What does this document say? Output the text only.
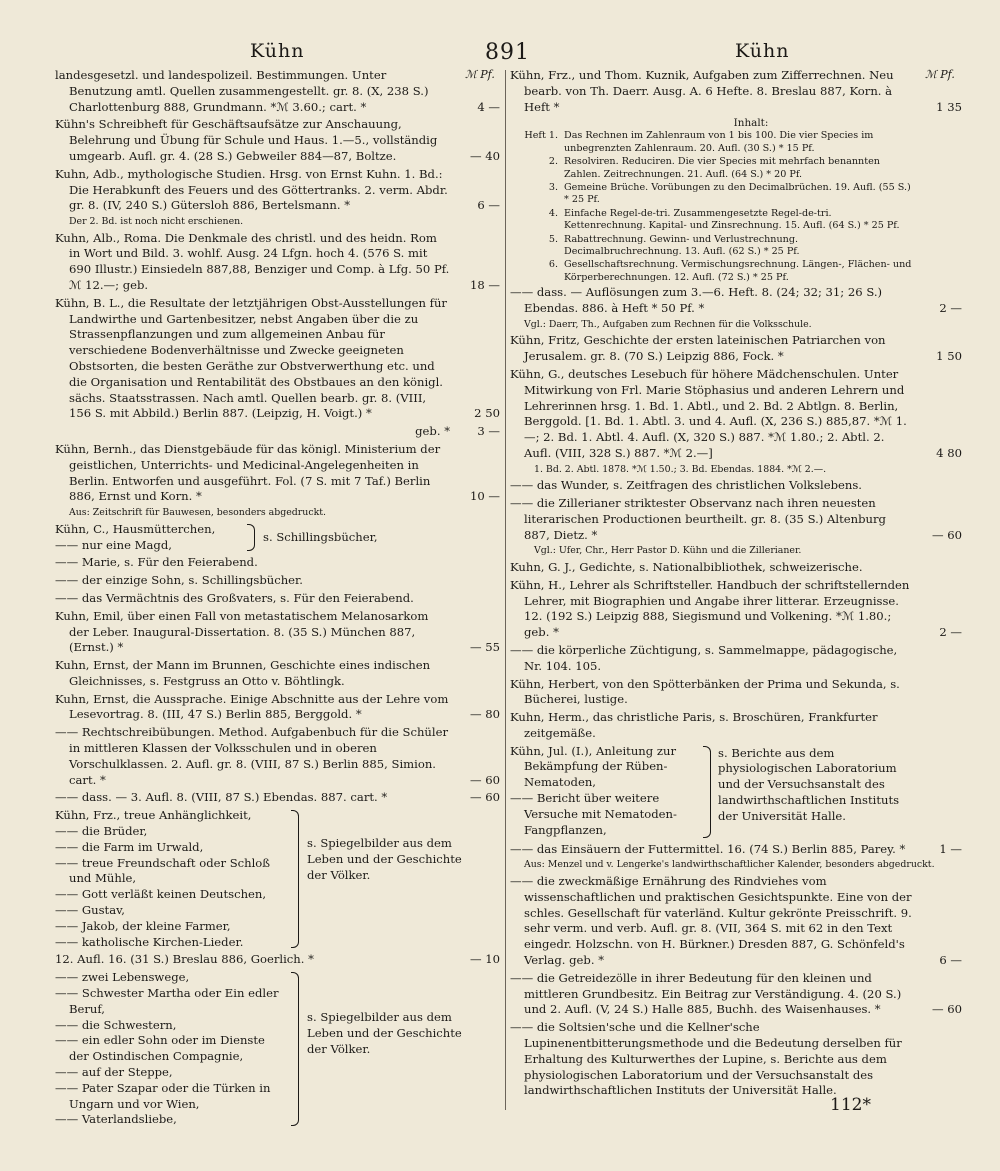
Kühn	891	Kühn
ℳ Pf.	ℳ Pf.
landesgesetzl. und landespolizeil. Bestimmungen. Unter Benutzung amtl. Quellen zusammengestellt. gr. 8. (X, 238 S.) Charlottenburg 888, Grundmann. *ℳ 3.60.; cart. *	4 —
Kühn's Schreibheft für Geschäftsaufsätze zur Anschauung, Belehrung und Übung für Schule und Haus. 1.—5., vollständig umgearb. Aufl. gr. 4. (28 S.) Gebweiler 884—87, Boltze.	— 40
Kuhn, Adb., mythologische Studien. Hrsg. von Ernst Kuhn. 1. Bd.: Die Herabkunft des Feuers und des Göttertranks. 2. verm. Abdr. gr. 8. (IV, 240 S.) Gütersloh 886, Bertelsmann. *	6 —
Der 2. Bd. ist noch nicht erschienen.
Kuhn, Alb., Roma. Die Denkmale des christl. und des heidn. Rom in Wort und Bild. 3. wohlf. Ausg. 24 Lfgn. hoch 4. (576 S. mit 690 Illustr.) Einsiedeln 887,88, Benziger und Comp. à Lfg. 50 Pf. ℳ 12.—; geb.	18 —
Kühn, B. L., die Resultate der letztjährigen Obst-Ausstellungen für Landwirthe und Gartenbesitzer, nebst Angaben über die zu Strassenpflanzungen und zum allgemeinen Anbau für verschiedene Bodenverhältnisse und Zwecke geeigneten Obstsorten, die besten Geräthe zur Obstverwerthung etc. und die Organisation und Rentabilität des Obstbaues an den königl. sächs. Staatsstrassen. Nach amtl. Quellen bearb. gr. 8. (VIII, 156 S. mit Abbild.) Berlin 887. (Leipzig, H. Voigt.) *	2 50
geb. *	3 —
Kühn, Bernh., das Dienstgebäude für das königl. Ministerium der geistlichen, Unterrichts- und Medicinal-Angelegenheiten in Berlin. Entworfen und ausgeführt. Fol. (7 S. mit 7 Taf.) Berlin 886, Ernst und Korn. *	10 —
Aus: Zeitschrift für Bauwesen, besonders abgedruckt.
Kühn, C., Hausmütterchen,
—— nur eine Magd,
s. Schillingsbücher,
—— Marie, s. Für den Feierabend.
—— der einzige Sohn, s. Schillingsbücher.
—— das Vermächtnis des Großvaters, s. Für den Feierabend.
Kuhn, Emil, über einen Fall von metastatischem Melanosarkom der Leber. Inaugural-Dissertation. 8. (35 S.) München 887, (Ernst.) *	— 55
Kuhn, Ernst, der Mann im Brunnen, Geschichte eines indischen Gleichnisses, s. Festgruss an Otto v. Böhtlingk.
Kuhn, Ernst, die Aussprache. Einige Abschnitte aus der Lehre vom Lesevortrag. 8. (III, 47 S.) Berlin 885, Berggold. *	— 80
—— Rechtschreibübungen. Method. Aufgabenbuch für die Schüler in mittleren Klassen der Volksschulen und in oberen Vorschulklassen. 2. Aufl. gr. 8. (VIII, 87 S.) Berlin 885, Simion. cart. *	— 60
—— dass. — 3. Aufl. 8. (VIII, 87 S.) Ebendas. 887. cart. *	— 60
Kühn, Frz., treue Anhänglichkeit,
—— die Brüder,
—— die Farm im Urwald,
—— treue Freundschaft oder Schloß und Mühle,
—— Gott verläßt keinen Deutschen,
—— Gustav,
—— Jakob, der kleine Farmer,
—— katholische Kirchen-Lieder.
s. Spiegelbilder aus dem Leben und der Geschichte der Völker.
12. Aufl. 16. (31 S.) Breslau 886, Goerlich. *	— 10
—— zwei Lebenswege,
—— Schwester Martha oder Ein edler Beruf,
—— die Schwestern,
—— ein edler Sohn oder im Dienste der Ostindischen Compagnie,
—— auf der Steppe,
—— Pater Szapar oder die Türken in Ungarn und vor Wien,
—— Vaterlandsliebe,
s. Spiegelbilder aus dem Leben und der Geschichte der Völker.
Kühn, Frz., und Thom. Kuznik, Aufgaben zum Zifferrechnen. Neu bearb. von Th. Daerr. Ausg. A. 6 Hefte. 8. Breslau 887, Korn. à Heft *	1 35
Inhalt:
Heft 1. Das Rechnen im Zahlenraum von 1 bis 100. Die vier Species im unbegrenzten Zahlenraum. 20. Aufl. (30 S.) * 15 Pf.
2. Resolviren. Reduciren. Die vier Species mit mehrfach benannten Zahlen. Zeitrechnungen. 21. Aufl. (64 S.) * 20 Pf.
3. Gemeine Brüche. Vorübungen zu den Decimalbrüchen. 19. Aufl. (55 S.) * 25 Pf.
4. Einfache Regel-de-tri. Zusammengesetzte Regel-de-tri. Kettenrechnung. Kapital- und Zinsrechnung. 15. Aufl. (64 S.) * 25 Pf.
5. Rabattrechnung. Gewinn- und Verlustrechnung. Decimalbruchrechnung. 13. Aufl. (62 S.) * 25 Pf.
6. Gesellschaftsrechnung. Vermischungsrechnung. Längen-, Flächen- und Körperberechnungen. 12. Aufl. (72 S.) * 25 Pf.
—— dass. — Auflösungen zum 3.—6. Heft. 8. (24; 32; 31; 26 S.) Ebendas. 886. à Heft * 50 Pf. *	2 —
Vgl.: Daerr, Th., Aufgaben zum Rechnen für die Volksschule.
Kühn, Fritz, Geschichte der ersten lateinischen Patriarchen von Jerusalem. gr. 8. (70 S.) Leipzig 886, Fock. *	1 50
Kühn, G., deutsches Lesebuch für höhere Mädchenschulen. Unter Mitwirkung von Frl. Marie Stöphasius und anderen Lehrern und Lehrerinnen hrsg. 1. Bd. 1. Abtl., und 2. Bd. 2 Abtlgn. 8. Berlin, Berggold. [1. Bd. 1. Abtl. 3. und 4. Aufl. (X, 236 S.) 885,87. *ℳ 1.—; 2. Bd. 1. Abtl. 4. Aufl. (X, 320 S.) 887. *ℳ 1.80.; 2. Abtl. 2. Aufl. (VIII, 328 S.) 887. *ℳ 2.—]	4 80
1. Bd. 2. Abtl. 1878. *ℳ 1.50.; 3. Bd. Ebendas. 1884. *ℳ 2.—.
—— das Wunder, s. Zeitfragen des christlichen Volkslebens.
—— die Zillerianer striktester Observanz nach ihren neuesten literarischen Productionen beurtheilt. gr. 8. (35 S.) Altenburg 887, Dietz. *	— 60
Vgl.: Ufer, Chr., Herr Pastor D. Kühn und die Zillerianer.
Kuhn, G. J., Gedichte, s. Nationalbibliothek, schweizerische.
Kühn, H., Lehrer als Schriftsteller. Handbuch der schriftstellernden Lehrer, mit Biographien und Angabe ihrer litterar. Erzeugnisse. 12. (192 S.) Leipzig 888, Siegismund und Volkening. *ℳ 1.80.; geb. *	2 —
—— die körperliche Züchtigung, s. Sammelmappe, pädagogische, Nr. 104. 105.
Kühn, Herbert, von den Spötterbänken der Prima und Sekunda, s. Bücherei, lustige.
Kuhn, Herm., das christliche Paris, s. Broschüren, Frankfurter zeitgemäße.
Kühn, Jul. (I.), Anleitung zur Bekämpfung der Rüben-Nematoden,
—— Bericht über weitere Versuche mit Nematoden-Fangpflanzen,
s. Berichte aus dem physiologischen Laboratorium und der Versuchsanstalt des landwirthschaftlichen Instituts der Universität Halle.
—— das Einsäuern der Futtermittel. 16. (74 S.) Berlin 885, Parey. *	1 —
Aus: Menzel und v. Lengerke's landwirthschaftlicher Kalender, besonders abgedruckt.
—— die zweckmäßige Ernährung des Rindviehes vom wissenschaftlichen und praktischen Gesichtspunkte. Eine von der schles. Gesellschaft für vaterländ. Kultur gekrönte Preisschrift. 9. sehr verm. und verb. Aufl. gr. 8. (VII, 364 S. mit 62 in den Text eingedr. Holzschn. von H. Bürkner.) Dresden 887, G. Schönfeld's Verlag. geb. *	6 —
—— die Getreidezölle in ihrer Bedeutung für den kleinen und mittleren Grundbesitz. Ein Beitrag zur Verständigung. 4. (20 S.) und 2. Aufl. (V, 24 S.) Halle 885, Buchh. des Waisenhauses. *	— 60
—— die Soltsien'sche und die Kellner'sche Lupinenentbitterungsmethode und die Bedeutung derselben für Erhaltung des Kulturwerthes der Lupine, s. Berichte aus dem physiologischen Laboratorium und der Versuchsanstalt des landwirthschaftlichen Instituts der Universität Halle.
112*
